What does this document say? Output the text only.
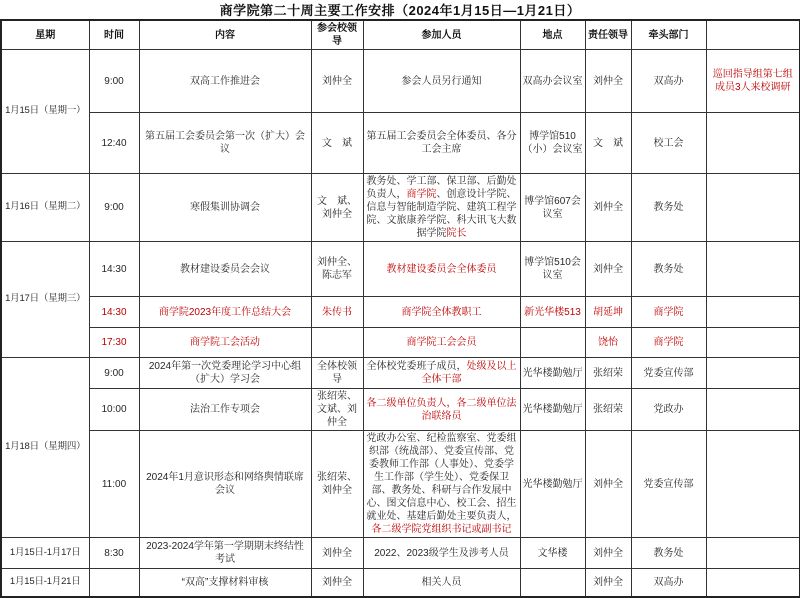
商学院第二十周主要工作安排（2024年1月15日—1月21日）
星期	时间	内容	参会校领导	参加人员	地点	责任领导	牵头部门	
1月15日（星期一）	9:00	双高工作推进会	刘仲全	参会人员另行通知	双高办会议室	刘仲全	双高办	巡回指导组第七组成员3人来校调研
	12:40	第五届工会委员会第一次（扩大）会议	文　斌	第五届工会委员会全体委员、各分工会主席	博学馆510（小）会议室	文　斌	校工会	
1月16日（星期二）	9:00	寒假集训协调会	文　斌、刘仲全	教务处、学工部、保卫部、后勤处负责人，商学院、创意设计学院、信息与智能制造学院、建筑工程学院、文旅康养学院、科大讯飞大数据学院院长	博学馆607会议室	刘仲全	教务处	
1月17日（星期三）	14:30	教材建设委员会会议	刘仲全、陈志军	教材建设委员会全体委员	博学馆510会议室	刘仲全	教务处	
	14:30	商学院2023年度工作总结大会	朱传书	商学院全体教职工	新光华楼513	胡延坤	商学院	
	17:30	商学院工会活动		商学院工会会员		饶怡	商学院	
1月18日（星期四）	9:00	2024年第一次党委理论学习中心组（扩大）学习会	全体校领导	全体校党委班子成员，处级及以上全体干部	光华楼勤勉厅	张绍荣	党委宣传部	
	10:00	法治工作专项会	张绍荣、文斌、刘仲全	各二级单位负责人，各二级单位法治联络员	光华楼勤勉厅	张绍荣	党政办	
	11:00	2024年1月意识形态和网络舆情联席会议	张绍荣、刘仲全	党政办公室、纪检监察室、党委组织部（统战部）、党委宣传部、党委教师工作部（人事处）、党委学生工作部（学生处）、党委保卫部、教务处、科研与合作发展中心、图文信息中心、校工会、招生就业处、基建后勤处主要负责人，各二级学院党组织书记或副书记	光华楼勤勉厅	刘仲全	党委宣传部	
1月15日-1月17日	8:30	2023-2024学年第一学期期末终结性考试	刘仲全	2022、2023级学生及涉考人员	文华楼	刘仲全	教务处	
1月15日-1月21日		“双高”支撑材料审核	刘仲全	相关人员		刘仲全	双高办	
